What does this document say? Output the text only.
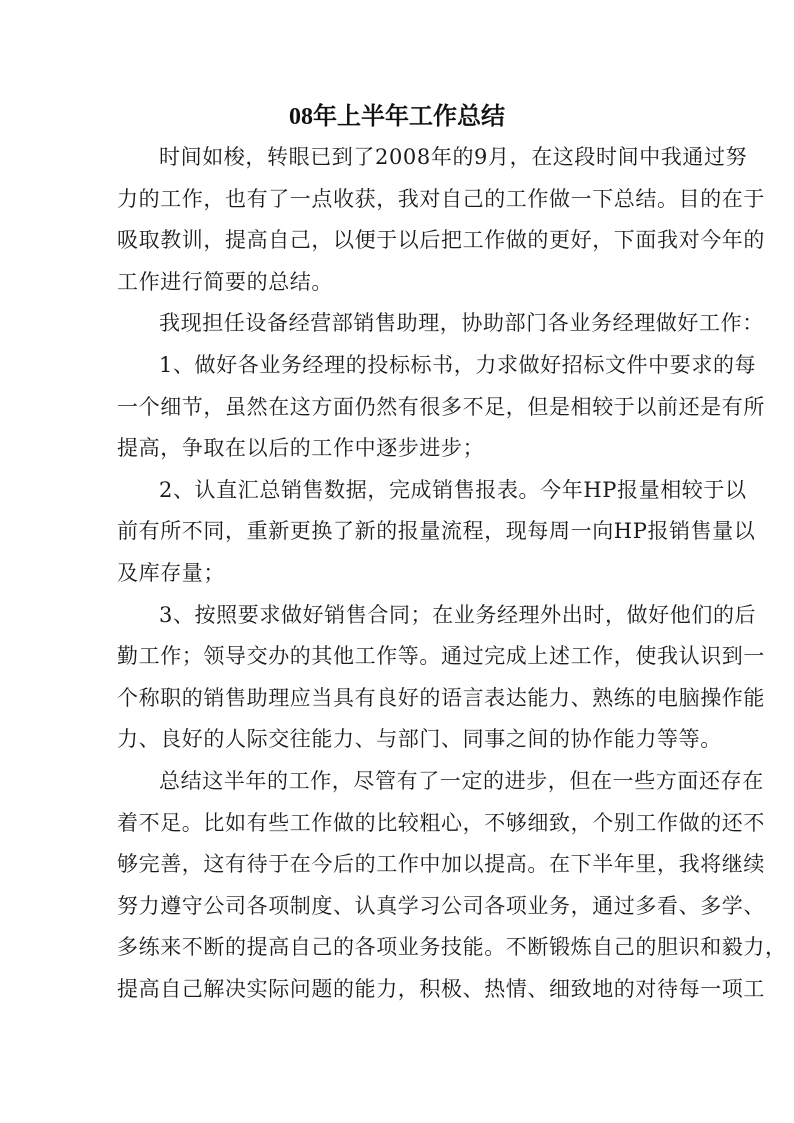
08年上半年工作总结
时间如梭，转眼已到了2008年的9月，在这段时间中我通过努
力的工作，也有了一点收获，我对自己的工作做一下总结。目的在于
吸取教训，提高自己，以便于以后把工作做的更好，下面我对今年的
工作进行简要的总结。
我现担任设备经营部销售助理，协助部门各业务经理做好工作：
1、做好各业务经理的投标标书，力求做好招标文件中要求的每
一个细节，虽然在这方面仍然有很多不足，但是相较于以前还是有所
提高，争取在以后的工作中逐步进步；
2、认直汇总销售数据，完成销售报表。今年HP报量相较于以
前有所不同，重新更换了新的报量流程，现每周一向HP报销售量以
及库存量；
3、按照要求做好销售合同；在业务经理外出时，做好他们的后
勤工作；领导交办的其他工作等。通过完成上述工作，使我认识到一
个称职的销售助理应当具有良好的语言表达能力、熟练的电脑操作能
力、良好的人际交往能力、与部门、同事之间的协作能力等等。
总结这半年的工作，尽管有了一定的进步，但在一些方面还存在
着不足。比如有些工作做的比较粗心，不够细致，个别工作做的还不
够完善，这有待于在今后的工作中加以提高。在下半年里，我将继续
努力遵守公司各项制度、认真学习公司各项业务，通过多看、多学、
多练来不断的提高自己的各项业务技能。不断锻炼自己的胆识和毅力，
提高自己解决实际问题的能力，积极、热情、细致地的对待每一项工
